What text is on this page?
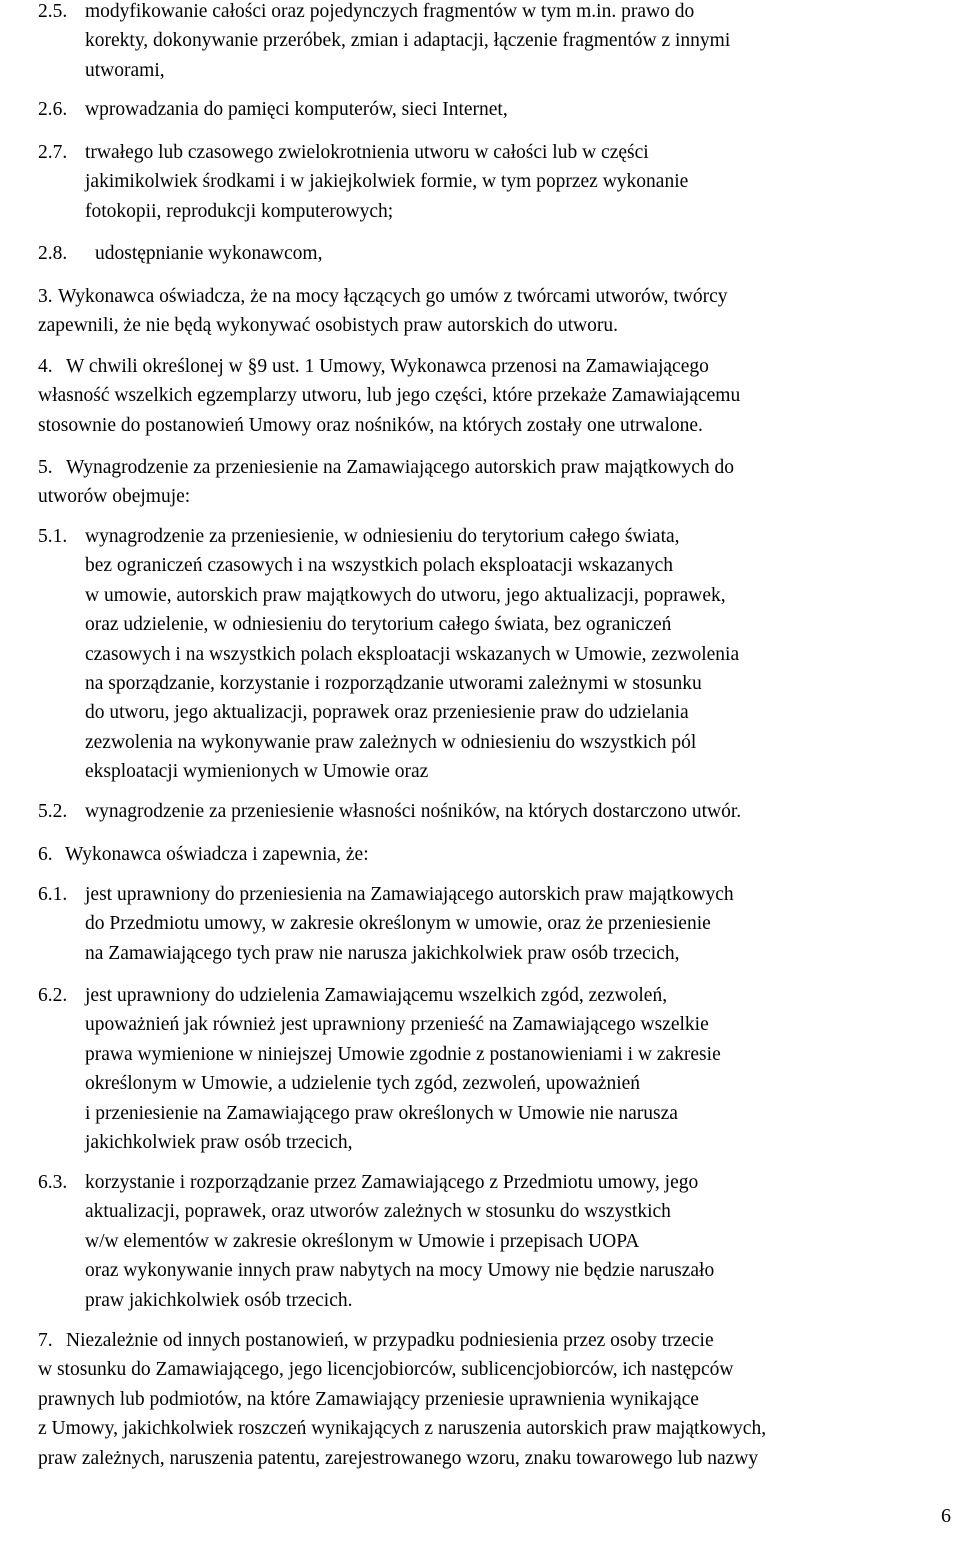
2.5. modyfikowanie całości oraz pojedynczych fragmentów w tym m.in. prawo do
korekty, dokonywanie przeróbek, zmian i adaptacji, łączenie fragmentów z innymi
utworami,
2.6. wprowadzania do pamięci komputerów, sieci Internet,
2.7. trwałego lub czasowego zwielokrotnienia utworu w całości lub w części
jakimikolwiek środkami i w jakiejkolwiek formie, w tym poprzez wykonanie
fotokopii, reprodukcji komputerowych;
2.8. udostępnianie wykonawcom,
3. Wykonawca oświadcza, że na mocy łączących go umów z twórcami utworów, twórcy
zapewnili, że nie będą wykonywać osobistych praw autorskich do utworu.
4. W chwili określonej w §9 ust. 1 Umowy, Wykonawca przenosi na Zamawiającego
własność wszelkich egzemplarzy utworu, lub jego części, które przekaże Zamawiającemu
stosownie do postanowień Umowy oraz nośników, na których zostały one utrwalone.
5. Wynagrodzenie za przeniesienie na Zamawiającego autorskich praw majątkowych do
utworów obejmuje:
5.1. wynagrodzenie za przeniesienie, w odniesieniu do terytorium całego świata,
bez ograniczeń czasowych i na wszystkich polach eksploatacji wskazanych
w umowie, autorskich praw majątkowych do utworu, jego aktualizacji, poprawek,
oraz udzielenie, w odniesieniu do terytorium całego świata, bez ograniczeń
czasowych i na wszystkich polach eksploatacji wskazanych w Umowie, zezwolenia
na sporządzanie, korzystanie i rozporządzanie utworami zależnymi w stosunku
do utworu, jego aktualizacji, poprawek oraz przeniesienie praw do udzielania
zezwolenia na wykonywanie praw zależnych w odniesieniu do wszystkich pól
eksploatacji wymienionych w Umowie oraz
5.2. wynagrodzenie za przeniesienie własności nośników, na których dostarczono utwór.
6. Wykonawca oświadcza i zapewnia, że:
6.1. jest uprawniony do przeniesienia na Zamawiającego autorskich praw majątkowych
do Przedmiotu umowy, w zakresie określonym w umowie, oraz że przeniesienie
na Zamawiającego tych praw nie narusza jakichkolwiek praw osób trzecich,
6.2. jest uprawniony do udzielenia Zamawiającemu wszelkich zgód, zezwoleń,
upoważnień jak również jest uprawniony przenieść na Zamawiającego wszelkie
prawa wymienione w niniejszej Umowie zgodnie z postanowieniami i w zakresie
określonym w Umowie, a udzielenie tych zgód, zezwoleń, upoważnień
i przeniesienie na Zamawiającego praw określonych w Umowie nie narusza
jakichkolwiek praw osób trzecich,
6.3. korzystanie i rozporządzanie przez Zamawiającego z Przedmiotu umowy, jego
aktualizacji, poprawek, oraz utworów zależnych w stosunku do wszystkich
w/w elementów w zakresie określonym w Umowie i przepisach UOPA
oraz wykonywanie innych praw nabytych na mocy Umowy nie będzie naruszało
praw jakichkolwiek osób trzecich.
7. Niezależnie od innych postanowień, w przypadku podniesienia przez osoby trzecie
w stosunku do Zamawiającego, jego licencjobiorców, sublicencjobiorców, ich następców
prawnych lub podmiotów, na które Zamawiający przeniesie uprawnienia wynikające
z Umowy, jakichkolwiek roszczeń wynikających z naruszenia autorskich praw majątkowych,
praw zależnych, naruszenia patentu, zarejestrowanego wzoru, znaku towarowego lub nazwy
6
